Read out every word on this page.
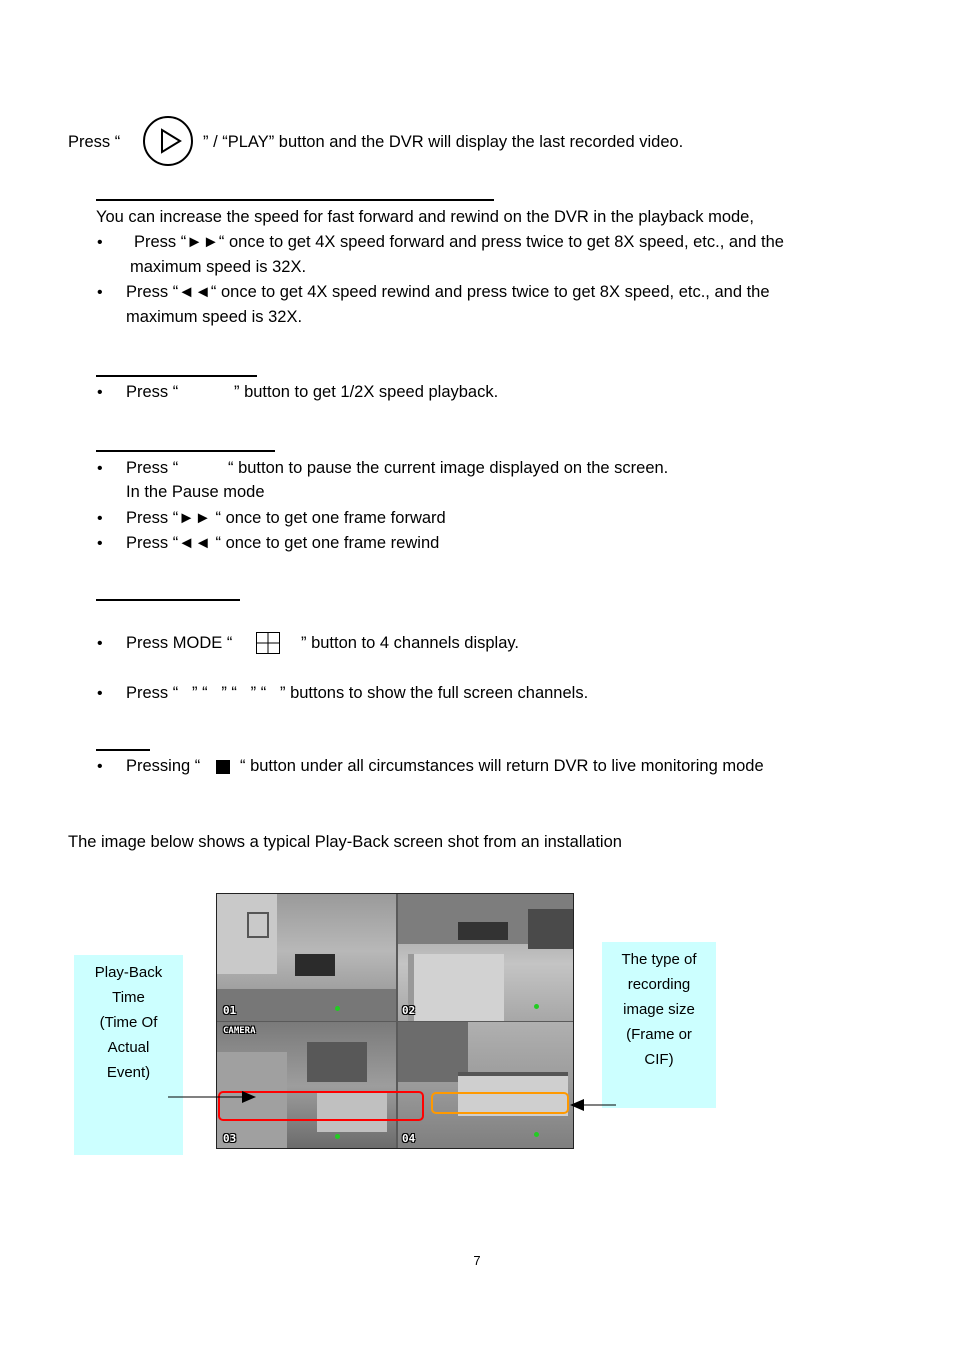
Press “	” / “PLAY” button and the DVR will display the last recorded video.
You can increase the speed for fast forward and rewind on the DVR in the playback mode,
• Press “►►“ once to get 4X speed forward and press twice to get 8X speed, etc., and the
maximum speed is 32X.
• Press “◄◄“ once to get 4X speed rewind and press twice to get 8X speed, etc., and the
maximum speed is 32X.
• Press “	” button to get 1/2X speed playback.
• Press “	“ button to pause the current image displayed on the screen.
In the Pause mode
• Press “►► “ once to get one frame forward
• Press “◄◄ “ once to get one frame rewind
• Press MODE “	” button to 4 channels display.
• Press “   ” “   ” “   ” “   ” buttons to show the full screen channels.
• Pressing “ “ button under all circumstances will return DVR to live monitoring mode
The image below shows a typical Play-Back screen shot from an installation
Play-Back
Time
(Time Of
Actual
Event)
The type of
recording
image size
(Frame or
CIF)
01	02
CAMERA
03	04
7
